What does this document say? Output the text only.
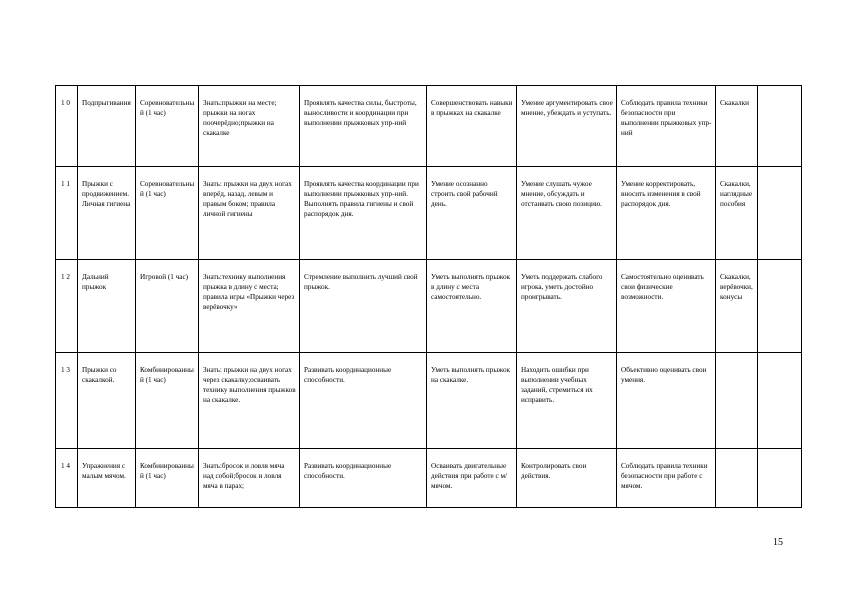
1 0	Подпрыгивания	Соревновательный (1 час)	Знать:прыжки на месте; прыжки на ногах поочерёдно;прыжки на скакалке	Проявлять качества силы, быстроты, выносливости и координации при выполнении прыжковых упр-ний	Совершенствовать навыки в прыжках на скакалке	Умение аргументировать свое мнение, убеждать и уступать.	Соблюдать правила техники безопасности при выполнении прыжковых упр-ний	Скакалки	
1 1	Прыжки с продвижением. Личная гигиена	Соревновательный (1 час)	Знать: прыжки на двух ногах вперёд, назад, левым и правым боком; правила личной гигиены	Проявлять качества координации при выполнении прыжковых упр-ний. Выполнять правила гигиены и свой распорядок дня.	Умение осознанно строить свой рабочий день.	Умение слушать чужое мнение, обсуждать и отстаивать свою позицию.	Умение корректировать, вносить изменения в свой распорядок дня.	Скакалки, наглядные пособия	
1 2	Дальний прыжок	Игровой (1 час)	Знать:технику выполнения прыжка в длину с места; правила игры «Прыжки через верёвочку»	Стремление выполнить лучший свой прыжок.	Уметь выполнять прыжок в длину с места самостоятельно.	Уметь поддержать слабого игрока, уметь достойно проигрывать.	Самостоятельно оценивать свои физические возможности.	Скакалки, верёвочки, конусы	
1 3	Прыжки со скакалкой.	Комбинированный (1 час)	Знать: прыжки на двух ногах через скакалку;осваивать технику выполнения прыжков на скакалке.	Развивать координационные способности.	Уметь выполнять прыжок на скакалке.	Находить ошибки при выполнении учебных заданий, стремиться их исправить.	Объективно оценивать свои умения.		
1 4	Упражнения с малым мячом.	Комбинированный (1 час)	Знать:бросок и ловля мяча над собой;бросок и ловля мяча в парах;	Развивать координационные способности.	Осваивать двигательные действия при работе с м/мячом.	Контролировать свои действия.	Соблюдать правила техники безопасности при работе с мячом.		
15
